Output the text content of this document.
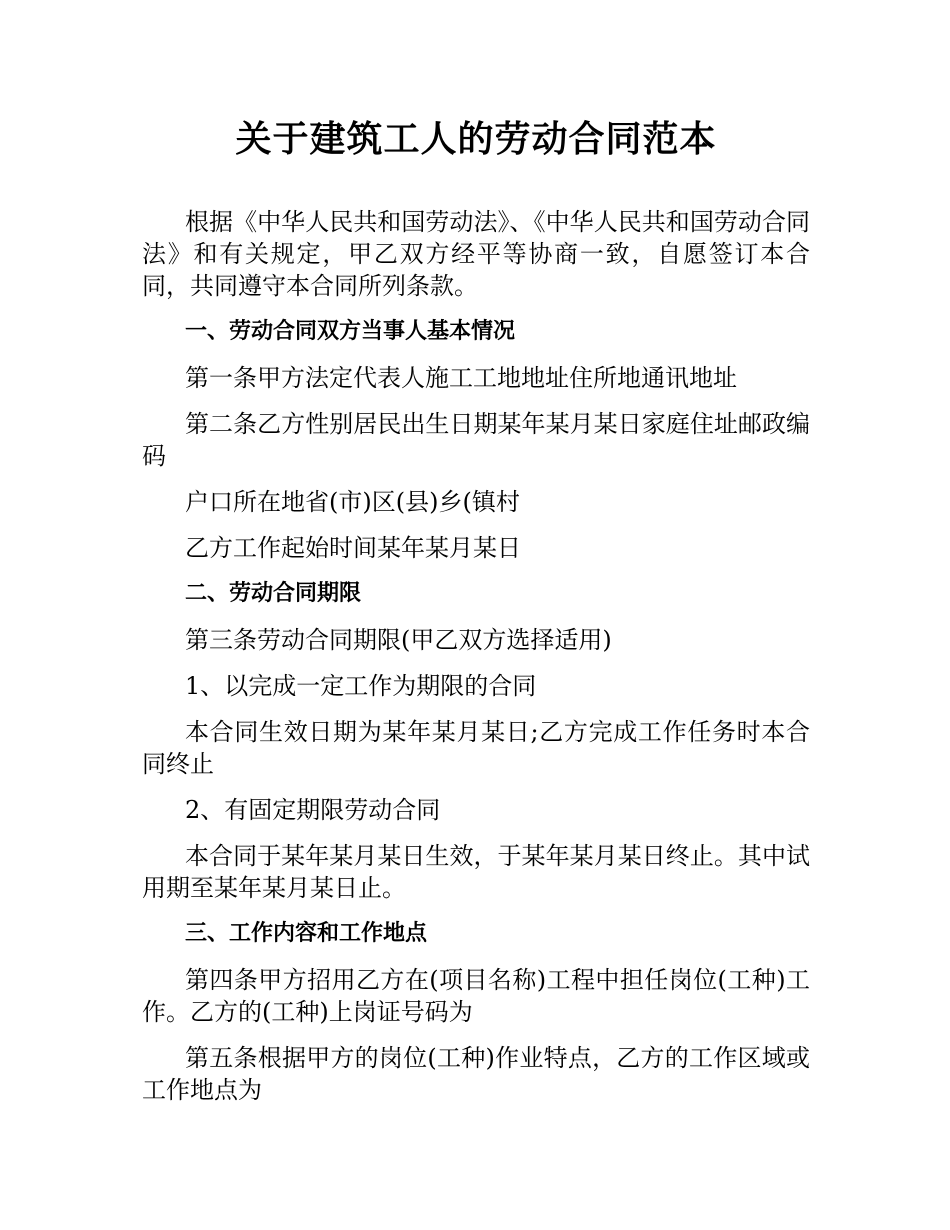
关于建筑工人的劳动合同范本

根据《中华人民共和国劳动法》、《中华人民共和国劳动合同法》和有关规定，甲乙双方经平等协商一致，自愿签订本合同，共同遵守本合同所列条款。

一、劳动合同双方当事人基本情况

第一条甲方法定代表人施工工地地址住所地通讯地址

第二条乙方性别居民出生日期某年某月某日家庭住址邮政编码

户口所在地省(市)区(县)乡(镇村

乙方工作起始时间某年某月某日

二、劳动合同期限

第三条劳动合同期限(甲乙双方选择适用)

1、以完成一定工作为期限的合同

本合同生效日期为某年某月某日;乙方完成工作任务时本合同终止

2、有固定期限劳动合同

本合同于某年某月某日生效，于某年某月某日终止。其中试用期至某年某月某日止。

三、工作内容和工作地点

第四条甲方招用乙方在(项目名称)工程中担任岗位(工种)工作。乙方的(工种)上岗证号码为

第五条根据甲方的岗位(工种)作业特点，乙方的工作区域或工作地点为
